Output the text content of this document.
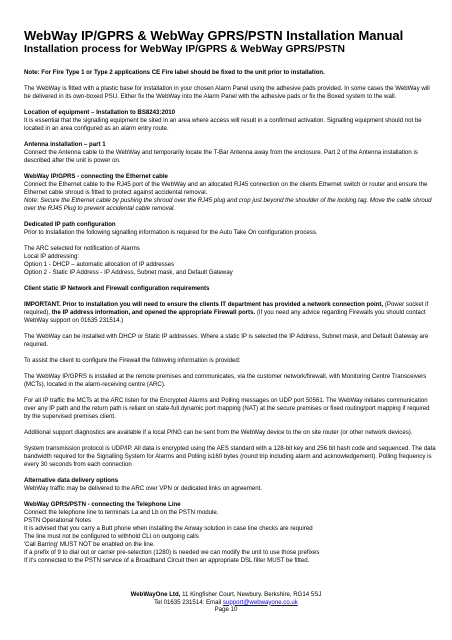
WebWay IP/GPRS & WebWay GPRS/PSTN Installation Manual
Installation process for WebWay IP/GPRS & WebWay GPRS/PSTN

Note: For Fire Type 1 or Type 2 applications CE Fire label should be fixed to the unit prior to installation.

The WebWay is fitted with a plastic base for installation in your chosen Alarm Panel using the adhesive pads provided. In some cases the WebWay will be delivered in its own-boxed PSU. Either fix the WebWay into the Alarm Panel with the adhesive pads or fix the Boxed system to the wall.

Location of equipment – Installation to BS8243:2010
It is essential that the signalling equipment be sited in an area where access will result in a confirmed activation. Signalling equipment should not be located in an area configured as an alarm entry route.

Antenna installation – part 1
Connect the Antenna cable to the WebWay and temporarily locate the T-Bar Antenna away from the enclosure. Part 2 of the Antenna installation is described after the unit is power on.

WebWay IP/GPRS - connecting the Ethernet cable
Connect the Ethernet cable to the RJ45 port of the WebWay and an allocated RJ45 connection on the clients Ethernet switch or router and ensure the Ethernet cable shroud is fitted to protect against accidental removal.
Note: Secure the Ethernet cable by pushing the shroud over the RJ45 plug and crop just beyond the shoulder of the locking tag. Move the cable shroud over the RJ45 Plug to prevent accidental cable removal.

Dedicated IP path configuration
Prior to Installation the following signalling information is required for the Auto Take On configuration process.

The ARC selected for notification of Alarms
Local IP addressing:
Option 1 - DHCP – automatic allocation of IP addresses
Option 2 - Static IP Address - IP Address, Subnet mask, and Default Gateway

Client static IP Network and Firewall configuration requirements

IMPORTANT. Prior to installation you will need to ensure the clients IT department has provided a network connection point, (Power socket if required), the IP address information, and opened the appropriate Firewall ports. (If you need any advice regarding Firewalls you should contact WebWay support on 01635 231514.)

The WebWay can be installed with DHCP or Static IP addresses. Where a static IP is selected the IP Address, Subnet mask, and Default Gateway are required.

To assist the client to configure the Firewall the following information is provided:

The WebWay IP/GPRS is installed at the remote premises and communicates, via the customer network/firewall, with Monitoring Centre Transceivers (MCTs), located in the alarm-receiving centre (ARC).

For all IP traffic the MCTs at the ARC listen for the Encrypted Alarms and Polling messages on UDP port 50561. The WebWay initiates communication over any IP path and the return path is reliant on state-full dynamic port mapping (NAT) at the secure premises or fixed routing/port mapping if required by the supervised premises client.

Additional support diagnostics are available if a local PING can be sent from the WebWay device to the on site router (or other network devices).

System transmission protocol is UDP/IP. All data is encrypted using the AES standard with a 128-bit key and 256 bit hash code and sequenced. The data bandwidth required for the Signalling System for Alarms and Polling is160 bytes (round trip including alarm and acknowledgement). Polling frequency is every 30 seconds from each connection

Alternative data delivery options
WebWay traffic may be delivered to the ARC over VPN or dedicated links on agreement.

WebWay GPRS/PSTN - connecting the Telephone Line
Connect the telephone line to terminals La and Lb on the PSTN module.
PSTN Operational Notes
It is advised that you carry a Butt phone when installing the Airway solution in case line checks are required
The line must not be configured to withhold CLI on outgoing calls
'Call Barring' MUST NOT be enabled on the line.
If a prefix of 9 to dial out or carrier pre-selection (1280) is needed we can modify the unit to use those prefixes
If it's connected to the PSTN service of a Broadband Circuit then an appropriate DSL filter MUST be fitted.

WebWayOne Ltd, 11 Kingfisher Court, Newbury, Berkshire, RG14 5SJ
Tel 01635 231514: Email support@webwayone.co.uk
Page 10
